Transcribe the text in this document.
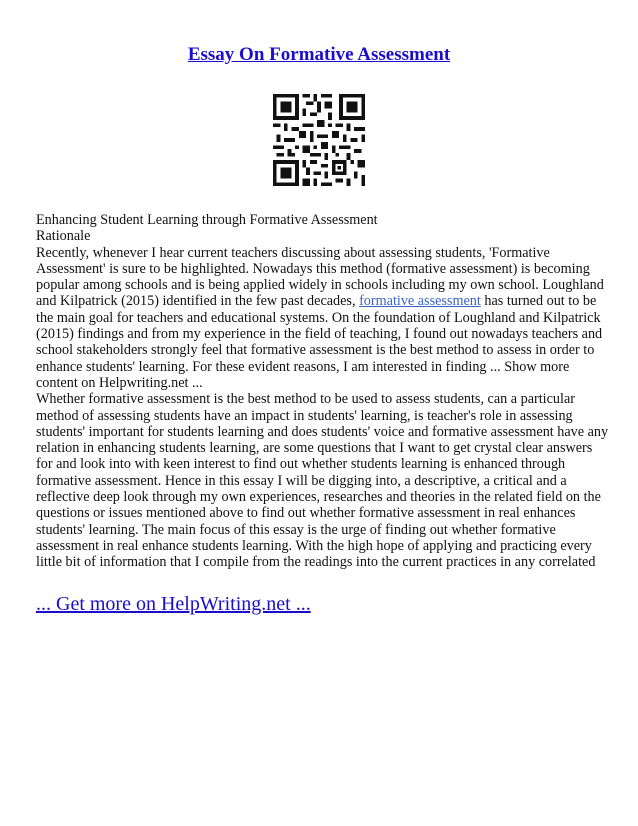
Essay On Formative Assessment
Enhancing Student Learning through Formative Assessment
Rationale
Recently, whenever I hear current teachers discussing about assessing students, 'Formative
Assessment' is sure to be highlighted. Nowadays this method (formative assessment) is becoming
popular among schools and is being applied widely in schools including my own school. Loughland
and Kilpatrick (2015) identified in the few past decades, formative assessment has turned out to be
the main goal for teachers and educational systems. On the foundation of Loughland and Kilpatrick
(2015) findings and from my experience in the field of teaching, I found out nowadays teachers and
school stakeholders strongly feel that formative assessment is the best method to assess in order to
enhance students' learning. For these evident reasons, I am interested in finding ... Show more
content on Helpwriting.net ...
Whether formative assessment is the best method to be used to assess students, can a particular
method of assessing students have an impact in students' learning, is teacher's role in assessing
students' important for students learning and does students' voice and formative assessment have any
relation in enhancing students learning, are some questions that I want to get crystal clear answers
for and look into with keen interest to find out whether students learning is enhanced through
formative assessment. Hence in this essay I will be digging into, a descriptive, a critical and a
reflective deep look through my own experiences, researches and theories in the related field on the
questions or issues mentioned above to find out whether formative assessment in real enhances
students' learning. The main focus of this essay is the urge of finding out whether formative
assessment in real enhance students learning. With the high hope of applying and practicing every
little bit of information that I compile from the readings into the current practices in any correlated
... Get more on HelpWriting.net ...
